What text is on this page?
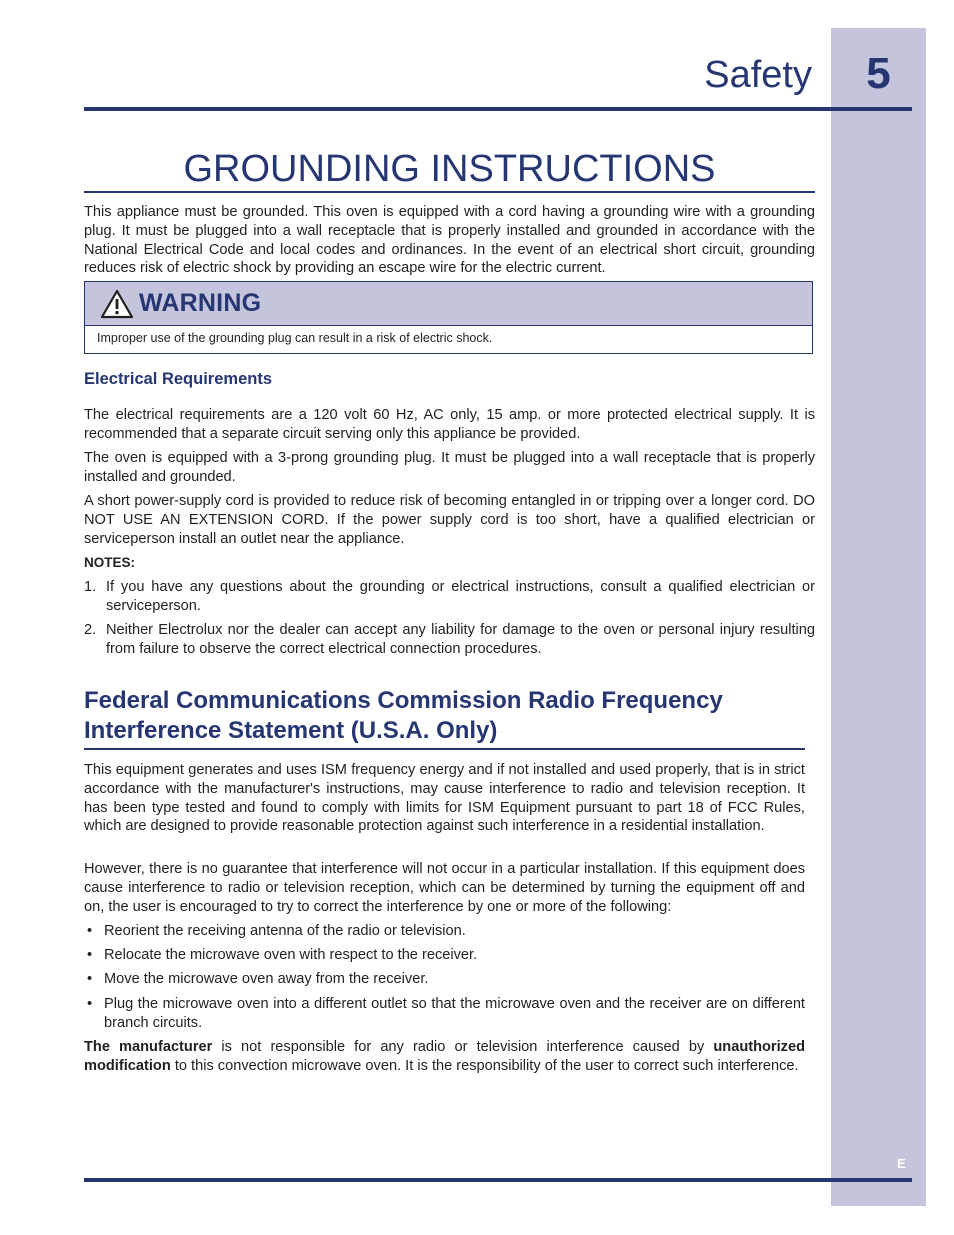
5
Safety
GROUNDING INSTRUCTIONS

This appliance must be grounded. This oven is equipped with a cord having a grounding wire with a grounding plug. It must be plugged into a wall receptacle that is properly installed and grounded in accordance with the National Electrical Code and local codes and ordinances. In the event of an electrical short circuit, grounding reduces risk of electric shock by providing an escape wire for the electric current.

WARNING
Improper use of the grounding plug can result in a risk of electric shock.
Electrical Requirements

The electrical requirements are a 120 volt 60 Hz, AC only, 15 amp. or more protected electrical supply. It is recommended that a separate circuit serving only this appliance be provided.

The oven is equipped with a 3-prong grounding plug. It must be plugged into a wall receptacle that is properly installed and grounded.

A short power-supply cord is provided to reduce risk of becoming entangled in or tripping over a longer cord. DO NOT USE AN EXTENSION CORD. If the power supply cord is too short, have a qualified electrician or serviceperson install an outlet near the appliance.

NOTES:
1. If you have any questions about the grounding or electrical instructions, consult a qualified electrician or serviceperson.
2. Neither Electrolux nor the dealer can accept any liability for damage to the oven or personal injury resulting from failure to observe the correct electrical connection procedures.
Federal Communications Commission Radio Frequency
Interference Statement (U.S.A. Only)

This equipment generates and uses ISM frequency energy and if not installed and used properly, that is in strict accordance with the manufacturer's instructions, may cause interference to radio and television reception. It has been type tested and found to comply with limits for ISM Equipment pursuant to part 18 of FCC Rules, which are designed to provide reasonable protection against such interference in a residential installation.

However, there is no guarantee that interference will not occur in a particular installation. If this equipment does cause interference to radio or television reception, which can be determined by turning the equipment off and on, the user is encouraged to try to correct the interference by one or more of the following:

• Reorient the receiving antenna of the radio or television.
• Relocate the microwave oven with respect to the receiver.
• Move the microwave oven away from the receiver.
• Plug the microwave oven into a different outlet so that the microwave oven and the receiver are on different branch circuits.

The manufacturer is not responsible for any radio or television interference caused by unauthorized modification to this convection microwave oven. It is the responsibility of the user to correct such interference.

E
